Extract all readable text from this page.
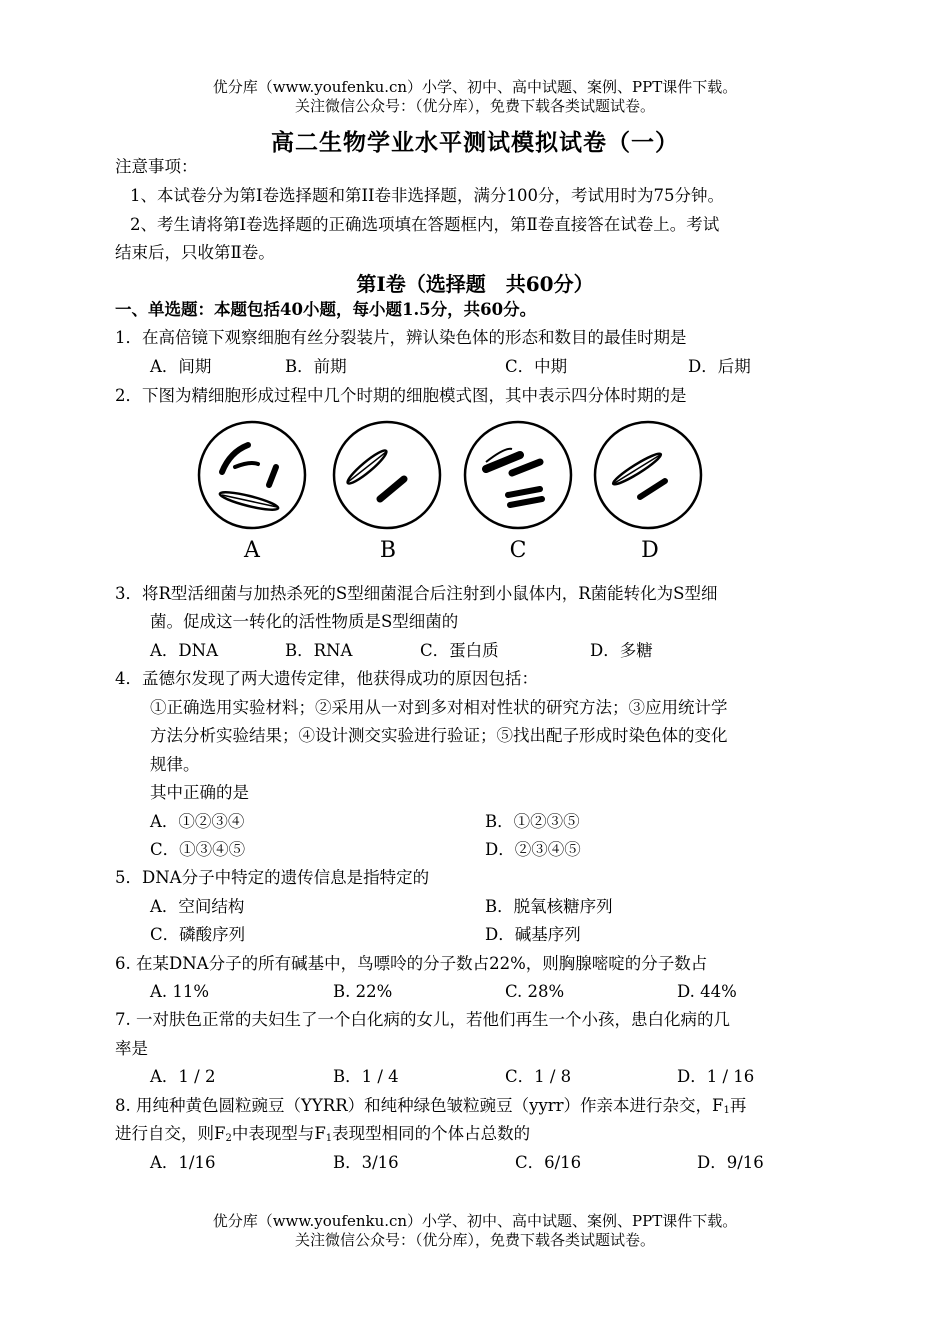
优分库（www.youfenku.cn）小学、初中、高中试题、案例、PPT课件下载。
关注微信公众号：（优分库），免费下载各类试题试卷。
高二生物学业水平测试模拟试卷（一）
注意事项：
1、本试卷分为第Ⅰ卷选择题和第II卷非选择题，满分100分，考试用时为75分钟。
2、考生请将第Ⅰ卷选择题的正确选项填在答题框内，第Ⅱ卷直接答在试卷上。考试
结束后，只收第Ⅱ卷。
第Ⅰ卷（选择题　共60分）
一、单选题：本题包括40小题，每小题1.5分，共60分。
1．在高倍镜下观察细胞有丝分裂装片，辨认染色体的形态和数目的最佳时期是
A．间期	B．前期	C．中期	D．后期
2．下图为精细胞形成过程中几个时期的细胞模式图，其中表示四分体时期的是
A	B	C	D
3．将R型活细菌与加热杀死的S型细菌混合后注射到小鼠体内，R菌能转化为S型细
菌。促成这一转化的活性物质是S型细菌的
A．DNA	B．RNA	C．蛋白质	D．多糖
4．孟德尔发现了两大遗传定律，他获得成功的原因包括：
①正确选用实验材料；②采用从一对到多对相对性状的研究方法；③应用统计学
方法分析实验结果；④设计测交实验进行验证；⑤找出配子形成时染色体的变化
规律。
其中正确的是
A．①②③④	B．①②③⑤
C．①③④⑤	D．②③④⑤
5．DNA分子中特定的遗传信息是指特定的
A．空间结构	B．脱氧核糖序列
C．磷酸序列	D．碱基序列
6. 在某DNA分子的所有碱基中，鸟嘌呤的分子数占22%，则胸腺嘧啶的分子数占
A. 11%	B. 22%	C. 28%	D. 44%
7. 一对肤色正常的夫妇生了一个白化病的女儿，若他们再生一个小孩，患白化病的几
率是
A．1 / 2	B．1 / 4	C．1 / 8	D．1 / 16
8. 用纯种黄色圆粒豌豆（YYRR）和纯种绿色皱粒豌豆（yyrr）作亲本进行杂交，$F_1$再
进行自交，则$F_2$中表现型与$F_1$表现型相同的个体占总数的
A．1/16	B．3/16	C．6/16	D．9/16
优分库（www.youfenku.cn）小学、初中、高中试题、案例、PPT课件下载。
关注微信公众号：（优分库），免费下载各类试题试卷。
